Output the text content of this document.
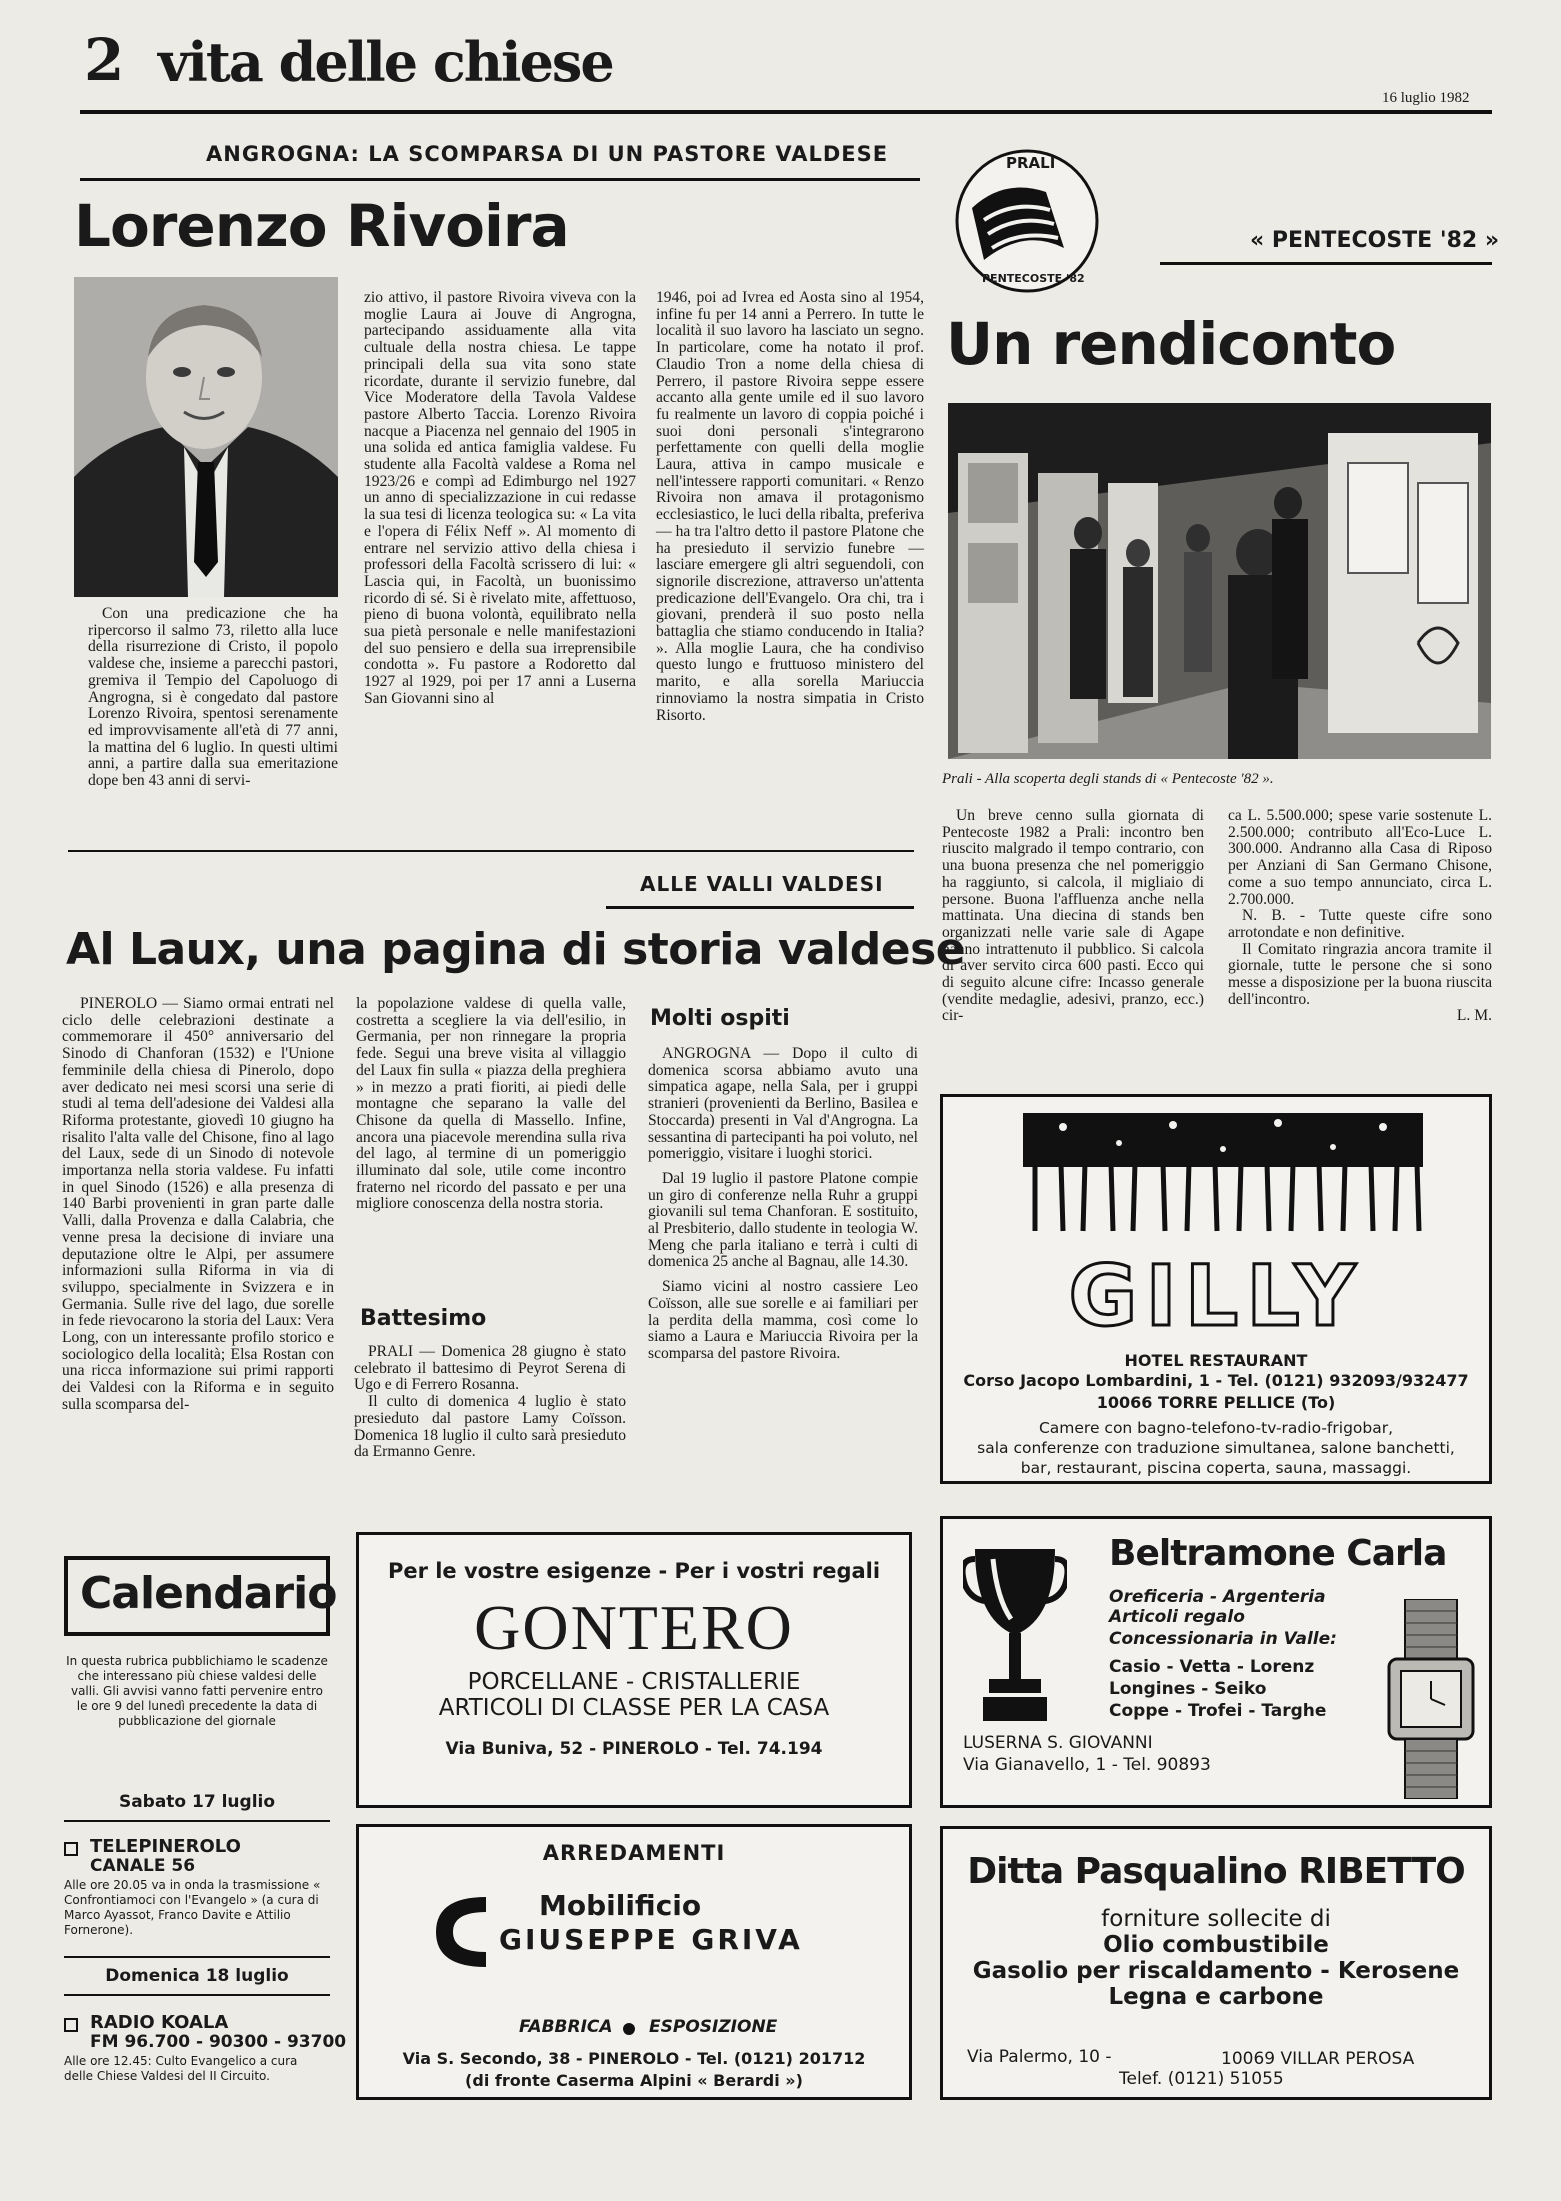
2 vita delle chiese
16 luglio 1982
ANGROGNA: LA SCOMPARSA DI UN PASTORE VALDESE
Lorenzo Rivoira
Con una predicazione che ha ripercorso il salmo 73, riletto alla luce della risurrezione di Cristo, il popolo valdese che, insieme a parecchi pastori, gremiva il Tempio del Capoluogo di Angrogna, si è congedato dal pastore Lorenzo Rivoira, spentosi serenamente ed improvvisamente all'età di 77 anni, la mattina del 6 luglio. In questi ultimi anni, a partire dalla sua emeritazione dope ben 43 anni di servi-
zio attivo, il pastore Rivoira viveva con la moglie Laura ai Jouve di Angrogna, partecipando assiduamente alla vita cultuale della nostra chiesa. Le tappe principali della sua vita sono state ricordate, durante il servizio funebre, dal Vice Moderatore della Tavola Valdese pastore Alberto Taccia. Lorenzo Rivoira nacque a Piacenza nel gennaio del 1905 in una solida ed antica famiglia valdese. Fu studente alla Facoltà valdese a Roma nel 1923/26 e compì ad Edimburgo nel 1927 un anno di specializzazione in cui redasse la sua tesi di licenza teologica su: « La vita e l'opera di Félix Neff ». Al momento di entrare nel servizio attivo della chiesa i professori della Facoltà scrissero di lui: « Lascia qui, in Facoltà, un buonissimo ricordo di sé. Si è rivelato mite, affettuoso, pieno di buona volontà, equilibrato nella sua pietà personale e nelle manifestazioni del suo pensiero e della sua irreprensibile condotta ». Fu pastore a Rodoretto dal 1927 al 1929, poi per 17 anni a Luserna San Giovanni sino al
1946, poi ad Ivrea ed Aosta sino al 1954, infine fu per 14 anni a Perrero. In tutte le località il suo lavoro ha lasciato un segno. In particolare, come ha notato il prof. Claudio Tron a nome della chiesa di Perrero, il pastore Rivoira seppe essere accanto alla gente umile ed il suo lavoro fu realmente un lavoro di coppia poiché i suoi doni personali s'integrarono perfettamente con quelli della moglie Laura, attiva in campo musicale e nell'intessere rapporti comunitari. « Renzo Rivoira non amava il protagonismo ecclesiastico, le luci della ribalta, preferiva — ha tra l'altro detto il pastore Platone che ha presieduto il servizio funebre — lasciare emergere gli altri seguendoli, con signorile discrezione, attraverso un'attenta predicazione dell'Evangelo. Ora chi, tra i giovani, prenderà il suo posto nella battaglia che stiamo conducendo in Italia? ». Alla moglie Laura, che ha condiviso questo lungo e fruttuoso ministero del marito, e alla sorella Mariuccia rinnoviamo la nostra simpatia in Cristo Risorto.
PRALI
PENTECOSTE '82
« PENTECOSTE '82 »
Un rendiconto
Prali - Alla scoperta degli stands di « Pentecoste '82 ».
Un breve cenno sulla giornata di Pentecoste 1982 a Prali: incontro ben riuscito malgrado il tempo contrario, con una buona presenza che nel pomeriggio ha raggiunto, si calcola, il migliaio di persone. Buona l'affluenza anche nella mattinata. Una diecina di stands ben organizzati nelle varie sale di Agape hanno intrattenuto il pubblico. Si calcola di aver servito circa 600 pasti. Ecco qui di seguito alcune cifre: Incasso generale (vendite medaglie, adesivi, pranzo, ecc.) cir-

ca L. 5.500.000; spese varie sostenute L. 2.500.000; contributo all'Eco-Luce L. 300.000. Andranno alla Casa di Riposo per Anziani di San Germano Chisone, come a suo tempo annunciato, circa L. 2.700.000.

N. B. - Tutte queste cifre sono arrotondate e non definitive.

Il Comitato ringrazia ancora tramite il giornale, tutte le persone che si sono messe a disposizione per la buona riuscita dell'incontro.

L. M.
ALLE VALLI VALDESI
Al Laux, una pagina di storia valdese
PINEROLO — Siamo ormai entrati nel ciclo delle celebrazioni destinate a commemorare il 450° anniversario del Sinodo di Chanforan (1532) e l'Unione femminile della chiesa di Pinerolo, dopo aver dedicato nei mesi scorsi una serie di studi al tema dell'adesione dei Valdesi alla Riforma protestante, giovedì 10 giugno ha risalito l'alta valle del Chisone, fino al lago del Laux, sede di un Sinodo di notevole importanza nella storia valdese. Fu infatti in quel Sinodo (1526) e alla presenza di 140 Barbi provenienti in gran parte dalle Valli, dalla Provenza e dalla Calabria, che venne presa la decisione di inviare una deputazione oltre le Alpi, per assumere informazioni sulla Riforma in via di sviluppo, specialmente in Svizzera e in Germania. Sulle rive del lago, due sorelle in fede rievocarono la storia del Laux: Vera Long, con un interessante profilo storico e sociologico della località; Elsa Rostan con una ricca informazione sui primi rapporti dei Valdesi con la Riforma e in seguito sulla scomparsa del-
la popolazione valdese di quella valle, costretta a scegliere la via dell'esilio, in Germania, per non rinnegare la propria fede. Segui una breve visita al villaggio del Laux fin sulla « piazza della preghiera » in mezzo a prati fioriti, ai piedi delle montagne che separano la valle del Chisone da quella di Massello. Infine, ancora una piacevole merendina sulla riva del lago, al termine di un pomeriggio illuminato dal sole, utile come incontro fraterno nel ricordo del passato e per una migliore conoscenza della nostra storia.
Battesimo

PRALI — Domenica 28 giugno è stato celebrato il battesimo di Peyrot Serena di Ugo e di Ferrero Rosanna.

Il culto di domenica 4 luglio è stato presieduto dal pastore Lamy Coïsson. Domenica 18 luglio il culto sarà presieduto da Ermanno Genre.

Molti ospiti

ANGROGNA — Dopo il culto di domenica scorsa abbiamo avuto una simpatica agape, nella Sala, per i gruppi stranieri (provenienti da Berlino, Basilea e Stoccarda) presenti in Val d'Angrogna. La sessantina di partecipanti ha poi voluto, nel pomeriggio, visitare i luoghi storici.

Dal 19 luglio il pastore Platone compie un giro di conferenze nella Ruhr a gruppi giovanili sul tema Chanforan. E sostituito, al Presbiterio, dallo studente in teologia W. Meng che parla italiano e terrà i culti di domenica 25 anche al Bagnau, alle 14.30.

Siamo vicini al nostro cassiere Leo Coïsson, alle sue sorelle e ai familiari per la perdita della mamma, così come lo siamo a Laura e Mariuccia Rivoira per la scomparsa del pastore Rivoira.

Calendario
In questa rubrica pubblichiamo le scadenze che interessano più chiese valdesi delle valli. Gli avvisi vanno fatti pervenire entro le ore 9 del lunedì precedente la data di pubblicazione del giornale
Sabato 17 luglio
TELEPINEROLO
CANALE 56
Alle ore 20.05 va in onda la trasmissione « Confrontiamoci con l'Evangelo » (a cura di Marco Ayassot, Franco Davite e Attilio Fornerone).
Domenica 18 luglio
RADIO KOALA
FM 96.700 - 90300 - 93700
Alle ore 12.45: Culto Evangelico a cura delle Chiese Valdesi del II Circuito.
Per le vostre esigenze - Per i vostri regali
GONTERO
PORCELLANE - CRISTALLERIE
ARTICOLI DI CLASSE PER LA CASA
Via Buniva, 52 - PINEROLO - Tel. 74.194
ARREDAMENTI
Mobilificio
GIUSEPPE GRIVA
FABBRICA ESPOSIZIONE
Via S. Secondo, 38 - PINEROLO - Tel. (0121) 201712
(di fronte Caserma Alpini « Berardi »)
GILLY
HOTEL RESTAURANT
Corso Jacopo Lombardini, 1 - Tel. (0121) 932093/932477
10066 TORRE PELLICE (To)
Camere con bagno-telefono-tv-radio-frigobar,
sala conferenze con traduzione simultanea, salone banchetti,
bar, restaurant, piscina coperta, sauna, massaggi.
Beltramone Carla
Oreficeria - Argenteria
Articoli regalo
Concessionaria in Valle:
Casio - Vetta - Lorenz
Longines - Seiko
Coppe - Trofei - Targhe
LUSERNA S. GIOVANNI
Via Gianavello, 1 - Tel. 90893
Ditta Pasqualino RIBETTO
forniture sollecite di
Olio combustibile
Gasolio per riscaldamento - Kerosene
Legna e carbone
Via Palermo, 10 -	10069 VILLAR PEROSA
Telef. (0121) 51055
